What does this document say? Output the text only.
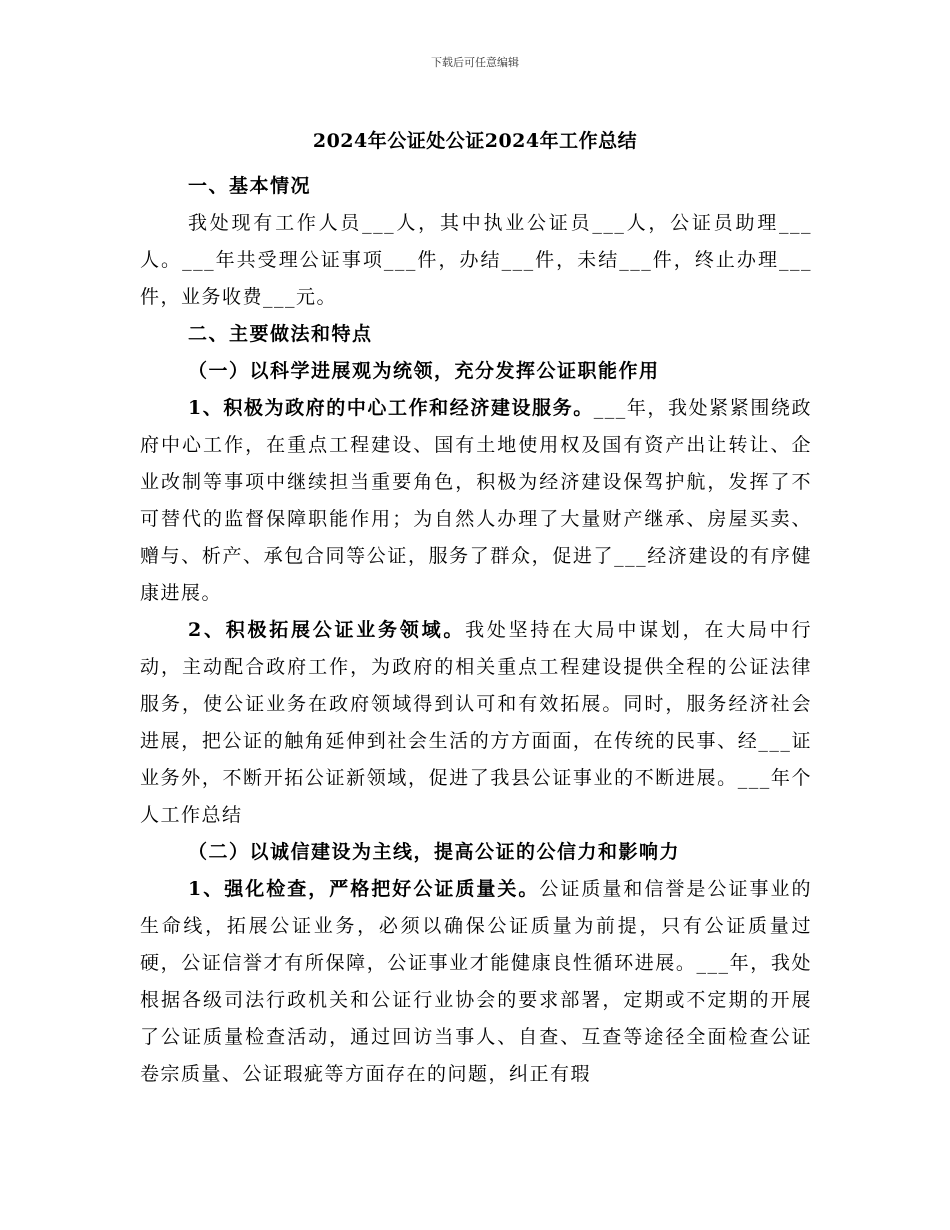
下载后可任意编辑
2024年公证处公证2024年工作总结

一、基本情况

我处现有工作人员___人，其中执业公证员___人，公证员助理___人。___年共受理公证事项___件，办结___件，未结___件，终止办理___件，业务收费___元。

二、主要做法和特点

（一）以科学进展观为统领，充分发挥公证职能作用

1、积极为政府的中心工作和经济建设服务。___年，我处紧紧围绕政府中心工作，在重点工程建设、国有土地使用权及国有资产出让转让、企业改制等事项中继续担当重要角色，积极为经济建设保驾护航，发挥了不可替代的监督保障职能作用；为自然人办理了大量财产继承、房屋买卖、赠与、析产、承包合同等公证，服务了群众，促进了___经济建设的有序健康进展。

2、积极拓展公证业务领域。我处坚持在大局中谋划，在大局中行动，主动配合政府工作，为政府的相关重点工程建设提供全程的公证法律服务，使公证业务在政府领域得到认可和有效拓展。同时，服务经济社会进展，把公证的触角延伸到社会生活的方方面面，在传统的民事、经___证业务外，不断开拓公证新领域，促进了我县公证事业的不断进展。___年个人工作总结

（二）以诚信建设为主线，提高公证的公信力和影响力

1、强化检查，严格把好公证质量关。公证质量和信誉是公证事业的生命线，拓展公证业务，必须以确保公证质量为前提，只有公证质量过硬，公证信誉才有所保障，公证事业才能健康良性循环进展。___年，我处根据各级司法行政机关和公证行业协会的要求部署，定期或不定期的开展了公证质量检查活动，通过回访当事人、自查、互查等途径全面检查公证卷宗质量、公证瑕疵等方面存在的问题，纠正有瑕
